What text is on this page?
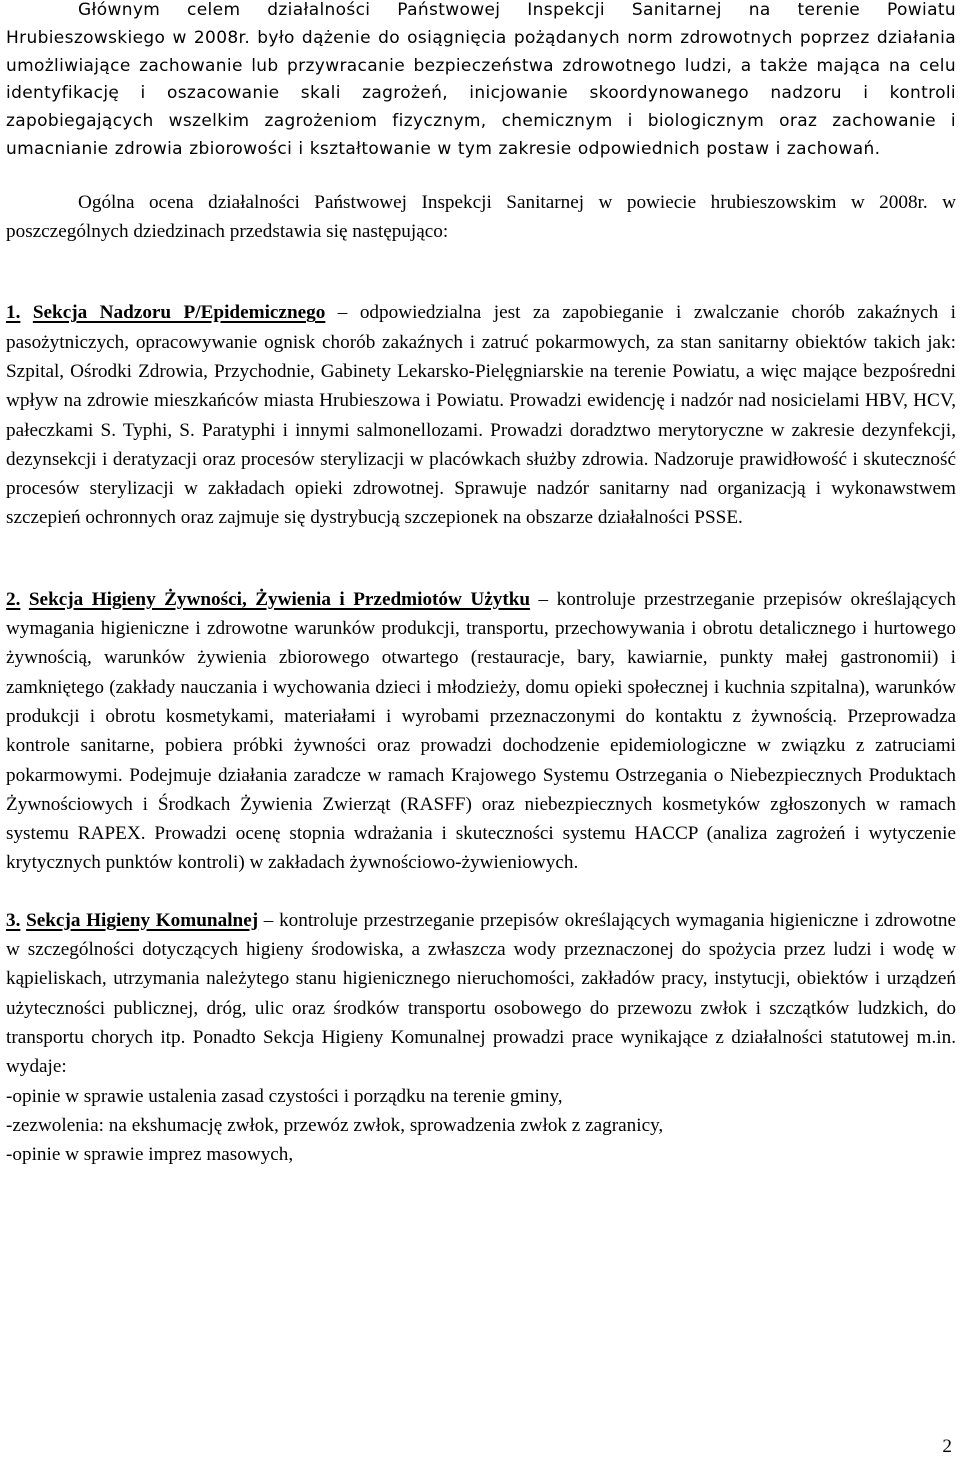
Głównym celem działalności Państwowej Inspekcji Sanitarnej na terenie Powiatu Hrubieszowskiego w 2008r. było dążenie do osiągnięcia pożądanych norm zdrowotnych poprzez działania umożliwiające zachowanie lub przywracanie bezpieczeństwa zdrowotnego ludzi, a także mająca na celu identyfikację i oszacowanie skali zagrożeń, inicjowanie skoordynowanego nadzoru i kontroli zapobiegających wszelkim zagrożeniom fizycznym, chemicznym i biologicznym oraz zachowanie i umacnianie zdrowia zbiorowości i kształtowanie w tym zakresie odpowiednich postaw i zachowań.

Ogólna ocena działalności Państwowej Inspekcji Sanitarnej w powiecie hrubieszowskim w 2008r. w poszczególnych dziedzinach przedstawia się następująco:

1. Sekcja Nadzoru P/Epidemicznego – odpowiedzialna jest za zapobieganie i zwalczanie chorób zakaźnych i pasożytniczych, opracowywanie ognisk chorób zakaźnych i zatruć pokarmowych, za stan sanitarny obiektów takich jak: Szpital, Ośrodki Zdrowia, Przychodnie, Gabinety Lekarsko-Pielęgniarskie na terenie Powiatu, a więc mające bezpośredni wpływ na zdrowie mieszkańców miasta Hrubieszowa i Powiatu. Prowadzi ewidencję i nadzór nad nosicielami HBV, HCV, pałeczkami S. Typhi, S. Paratyphi i innymi salmonellozami. Prowadzi doradztwo merytoryczne w zakresie dezynfekcji, dezynsekcji i deratyzacji oraz procesów sterylizacji w placówkach służby zdrowia. Nadzoruje prawidłowość i skuteczność procesów sterylizacji w zakładach opieki zdrowotnej. Sprawuje nadzór sanitarny nad organizacją i wykonawstwem szczepień ochronnych oraz zajmuje się dystrybucją szczepionek na obszarze działalności PSSE.

2. Sekcja Higieny Żywności, Żywienia i Przedmiotów Użytku – kontroluje przestrzeganie przepisów określających wymagania higieniczne i zdrowotne warunków produkcji, transportu, przechowywania i obrotu detalicznego i hurtowego żywnością, warunków żywienia zbiorowego otwartego (restauracje, bary, kawiarnie, punkty małej gastronomii) i zamkniętego (zakłady nauczania i wychowania dzieci i młodzieży, domu opieki społecznej i kuchnia szpitalna), warunków produkcji i obrotu kosmetykami, materiałami i wyrobami przeznaczonymi do kontaktu z żywnością. Przeprowadza kontrole sanitarne, pobiera próbki żywności oraz prowadzi dochodzenie epidemiologiczne w związku z zatruciami pokarmowymi. Podejmuje działania zaradcze w ramach Krajowego Systemu Ostrzegania o Niebezpiecznych Produktach Żywnościowych i Środkach Żywienia Zwierząt (RASFF) oraz niebezpiecznych kosmetyków zgłoszonych w ramach systemu RAPEX. Prowadzi ocenę stopnia wdrażania i skuteczności systemu HACCP (analiza zagrożeń i wytyczenie krytycznych punktów kontroli) w zakładach żywnościowo-żywieniowych.

3. Sekcja Higieny Komunalnej – kontroluje przestrzeganie przepisów określających wymagania higieniczne i zdrowotne w szczególności dotyczących higieny środowiska, a zwłaszcza wody przeznaczonej do spożycia przez ludzi i wodę w kąpieliskach, utrzymania należytego stanu higienicznego nieruchomości, zakładów pracy, instytucji, obiektów i urządzeń użyteczności publicznej, dróg, ulic oraz środków transportu osobowego do przewozu zwłok i szczątków ludzkich, do transportu chorych itp. Ponadto Sekcja Higieny Komunalnej prowadzi prace wynikające z działalności statutowej m.in. wydaje:

-opinie w sprawie ustalenia zasad czystości i porządku na terenie gminy,
-zezwolenia: na ekshumację zwłok, przewóz zwłok, sprowadzenia zwłok z zagranicy,
-opinie w sprawie imprez masowych,
2
